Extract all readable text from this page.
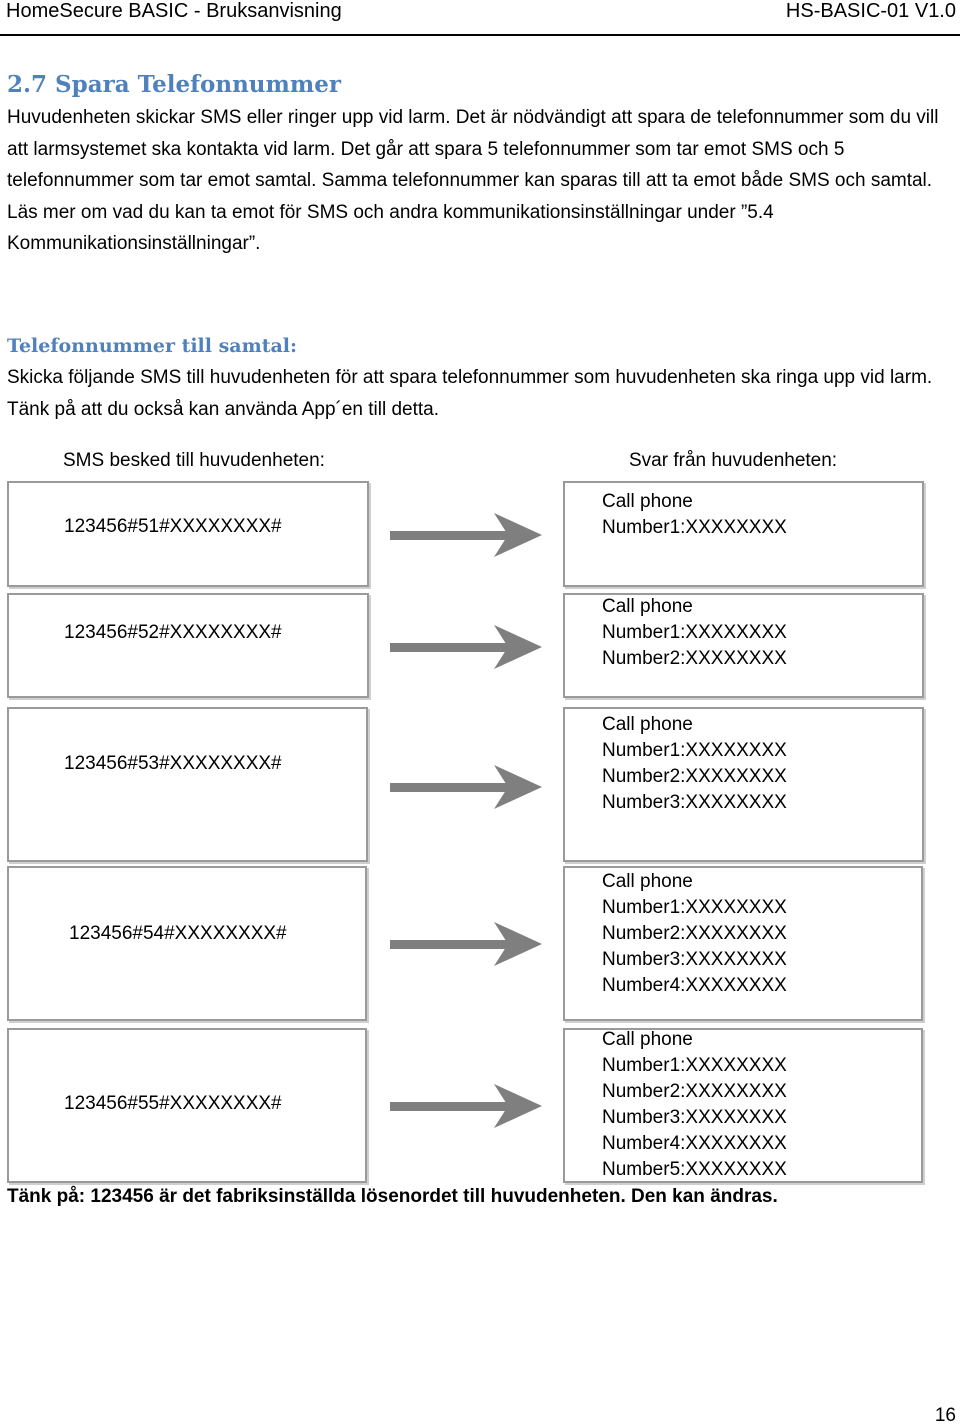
HomeSecure BASIC - Bruksanvisning	HS-BASIC-01 V1.0
2.7 Spara Telefonnummer

Huvudenheten skickar SMS eller ringer upp vid larm. Det är nödvändigt att spara de telefonnummer som du vill att larmsystemet ska kontakta vid larm. Det går att spara 5 telefonnummer som tar emot SMS och 5 telefonnummer som tar emot samtal. Samma telefonnummer kan sparas till att ta emot både SMS och samtal. Läs mer om vad du kan ta emot för SMS och andra kommunikationsinställningar under ”5.4 Kommunikationsinställningar”.

Telefonnummer till samtal:

Skicka följande SMS till huvudenheten för att spara telefonnummer som huvudenheten ska ringa upp vid larm. Tänk på att du också kan använda App´en till detta.

SMS besked till huvudenheten:	Svar från huvudenheten:
123456#51#XXXXXXXX#
Call phone
Number1:XXXXXXXX
123456#52#XXXXXXXX#
Call phone
Number1:XXXXXXXX
Number2:XXXXXXXX
123456#53#XXXXXXXX#
Call phone
Number1:XXXXXXXX
Number2:XXXXXXXX
Number3:XXXXXXXX
123456#54#XXXXXXXX#
Call phone
Number1:XXXXXXXX
Number2:XXXXXXXX
Number3:XXXXXXXX
Number4:XXXXXXXX
123456#55#XXXXXXXX#
Call phone
Number1:XXXXXXXX
Number2:XXXXXXXX
Number3:XXXXXXXX
Number4:XXXXXXXX
Number5:XXXXXXXX
Tänk på: 123456 är det fabriksinställda lösenordet till huvudenheten. Den kan ändras.
16
